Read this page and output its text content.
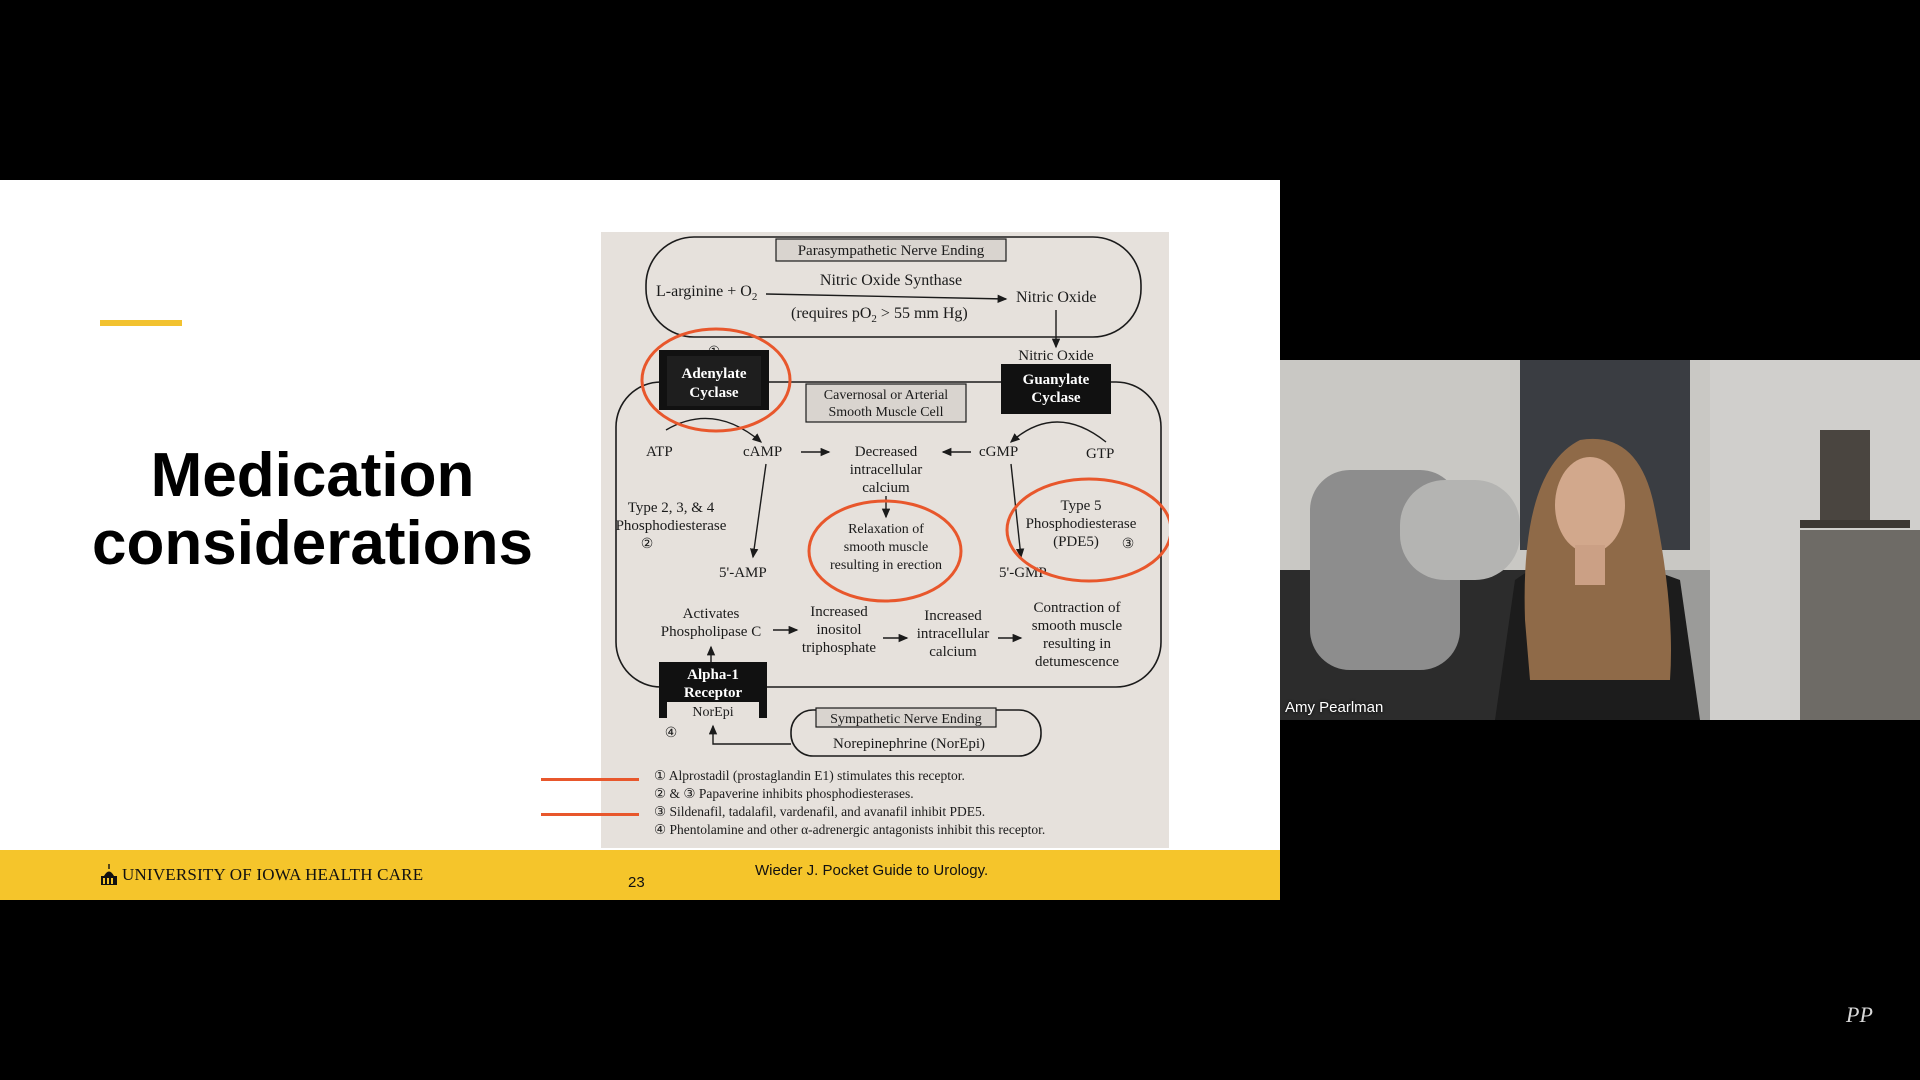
Medication considerations
Parasympathetic Nerve Ending
L-arginine + $O_2$
Nitric Oxide Synthase
(requires $pO_2 > 55$ mm Hg)
Nitric Oxide
Adenylate
Cyclase
Nitric Oxide
Guanylate
Cyclase
Cavernosal or Arterial
Smooth Muscle Cell
ATP	cAMP	Decreased
intracellular
calcium
cGMP	GTP
Type 2, 3, & 4
Phosphodiesterase
②
Relaxation of
smooth muscle
resulting in erection
Type 5
Phosphodiesterase
(PDE5) ③
5'-AMP	5'-GMP
Activates
Phospholipase C
Increased
inositol
triphosphate
Increased
intracellular
calcium
Contraction of
smooth muscle
resulting in
detumescence
Alpha-1
Receptor
NorEpi
④
Sympathetic Nerve Ending
Norepinephrine (NorEpi)
① Alprostadil (prostaglandin E1) stimulates this receptor.
② & ③ Papaverine inhibits phosphodiesterases.
③ Sildenafil, tadalafil, vardenafil, and avanafil inhibit PDE5.
④ Phentolamine and other α-adrenergic antagonists inhibit this receptor.
UNIVERSITY OF IOWA HEALTH CARE	23
Wieder J. Pocket Guide to Urology.
Amy Pearlman
PP
